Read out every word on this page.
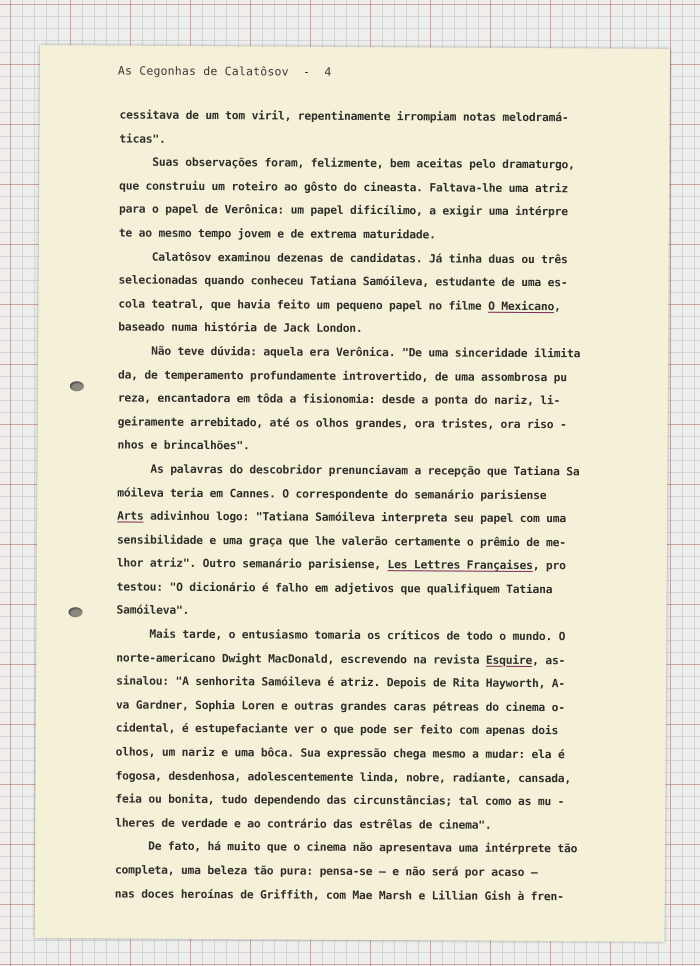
As Cegonhas de Calatôsov  -  4
cessitava de um tom viril, repentinamente irrompiam notas melodramá-
ticas".
Suas observações foram, felizmente, bem aceitas pelo dramaturgo,
que construiu um roteiro ao gôsto do cineasta. Faltava-lhe uma atriz
para o papel de Verônica: um papel dificílimo, a exigir uma intérpre
te ao mesmo tempo jovem e de extrema maturidade.
Calatôsov examinou dezenas de candidatas. Já tinha duas ou três
selecionadas quando conheceu Tatiana Samóileva, estudante de uma es-
cola teatral, que havia feito um pequeno papel no filme O Mexicano,
baseado numa história de Jack London.
Não teve dúvida: aquela era Verônica. "De uma sinceridade ilimita
da, de temperamento profundamente introvertido, de uma assombrosa pu
reza, encantadora em tôda a fisionomia: desde a ponta do nariz, li-
geiramente arrebitado, até os olhos grandes, ora tristes, ora riso -
nhos e brincalhões".
As palavras do descobridor prenunciavam a recepção que Tatiana Sa
móileva teria em Cannes. O correspondente do semanário parisiense
Arts adivinhou logo: "Tatiana Samóileva interpreta seu papel com uma
sensibilidade e uma graça que lhe valerão certamente o prêmio de me-
lhor atriz". Outro semanário parisiense, Les Lettres Françaises, pro
testou: "O dicionário é falho em adjetivos que qualifiquem Tatiana
Samóileva".
Mais tarde, o entusiasmo tomaria os críticos de todo o mundo. O
norte-americano Dwight MacDonald, escrevendo na revista Esquire, as-
sinalou: "A senhorita Samóileva é atriz. Depois de Rita Hayworth, A-
va Gardner, Sophia Loren e outras grandes caras pétreas do cinema o-
cidental, é estupefaciante ver o que pode ser feito com apenas dois
olhos, um nariz e uma bôca. Sua expressão chega mesmo a mudar: ela é
fogosa, desdenhosa, adolescentemente linda, nobre, radiante, cansada,
feia ou bonita, tudo dependendo das circunstâncias; tal como as mu -
lheres de verdade e ao contrário das estrêlas de cinema".
De fato, há muito que o cinema não apresentava uma intérprete tão
completa, uma beleza tão pura: pensa-se — e não será por acaso —
nas doces heroínas de Griffith, com Mae Marsh e Lillian Gish à fren-
